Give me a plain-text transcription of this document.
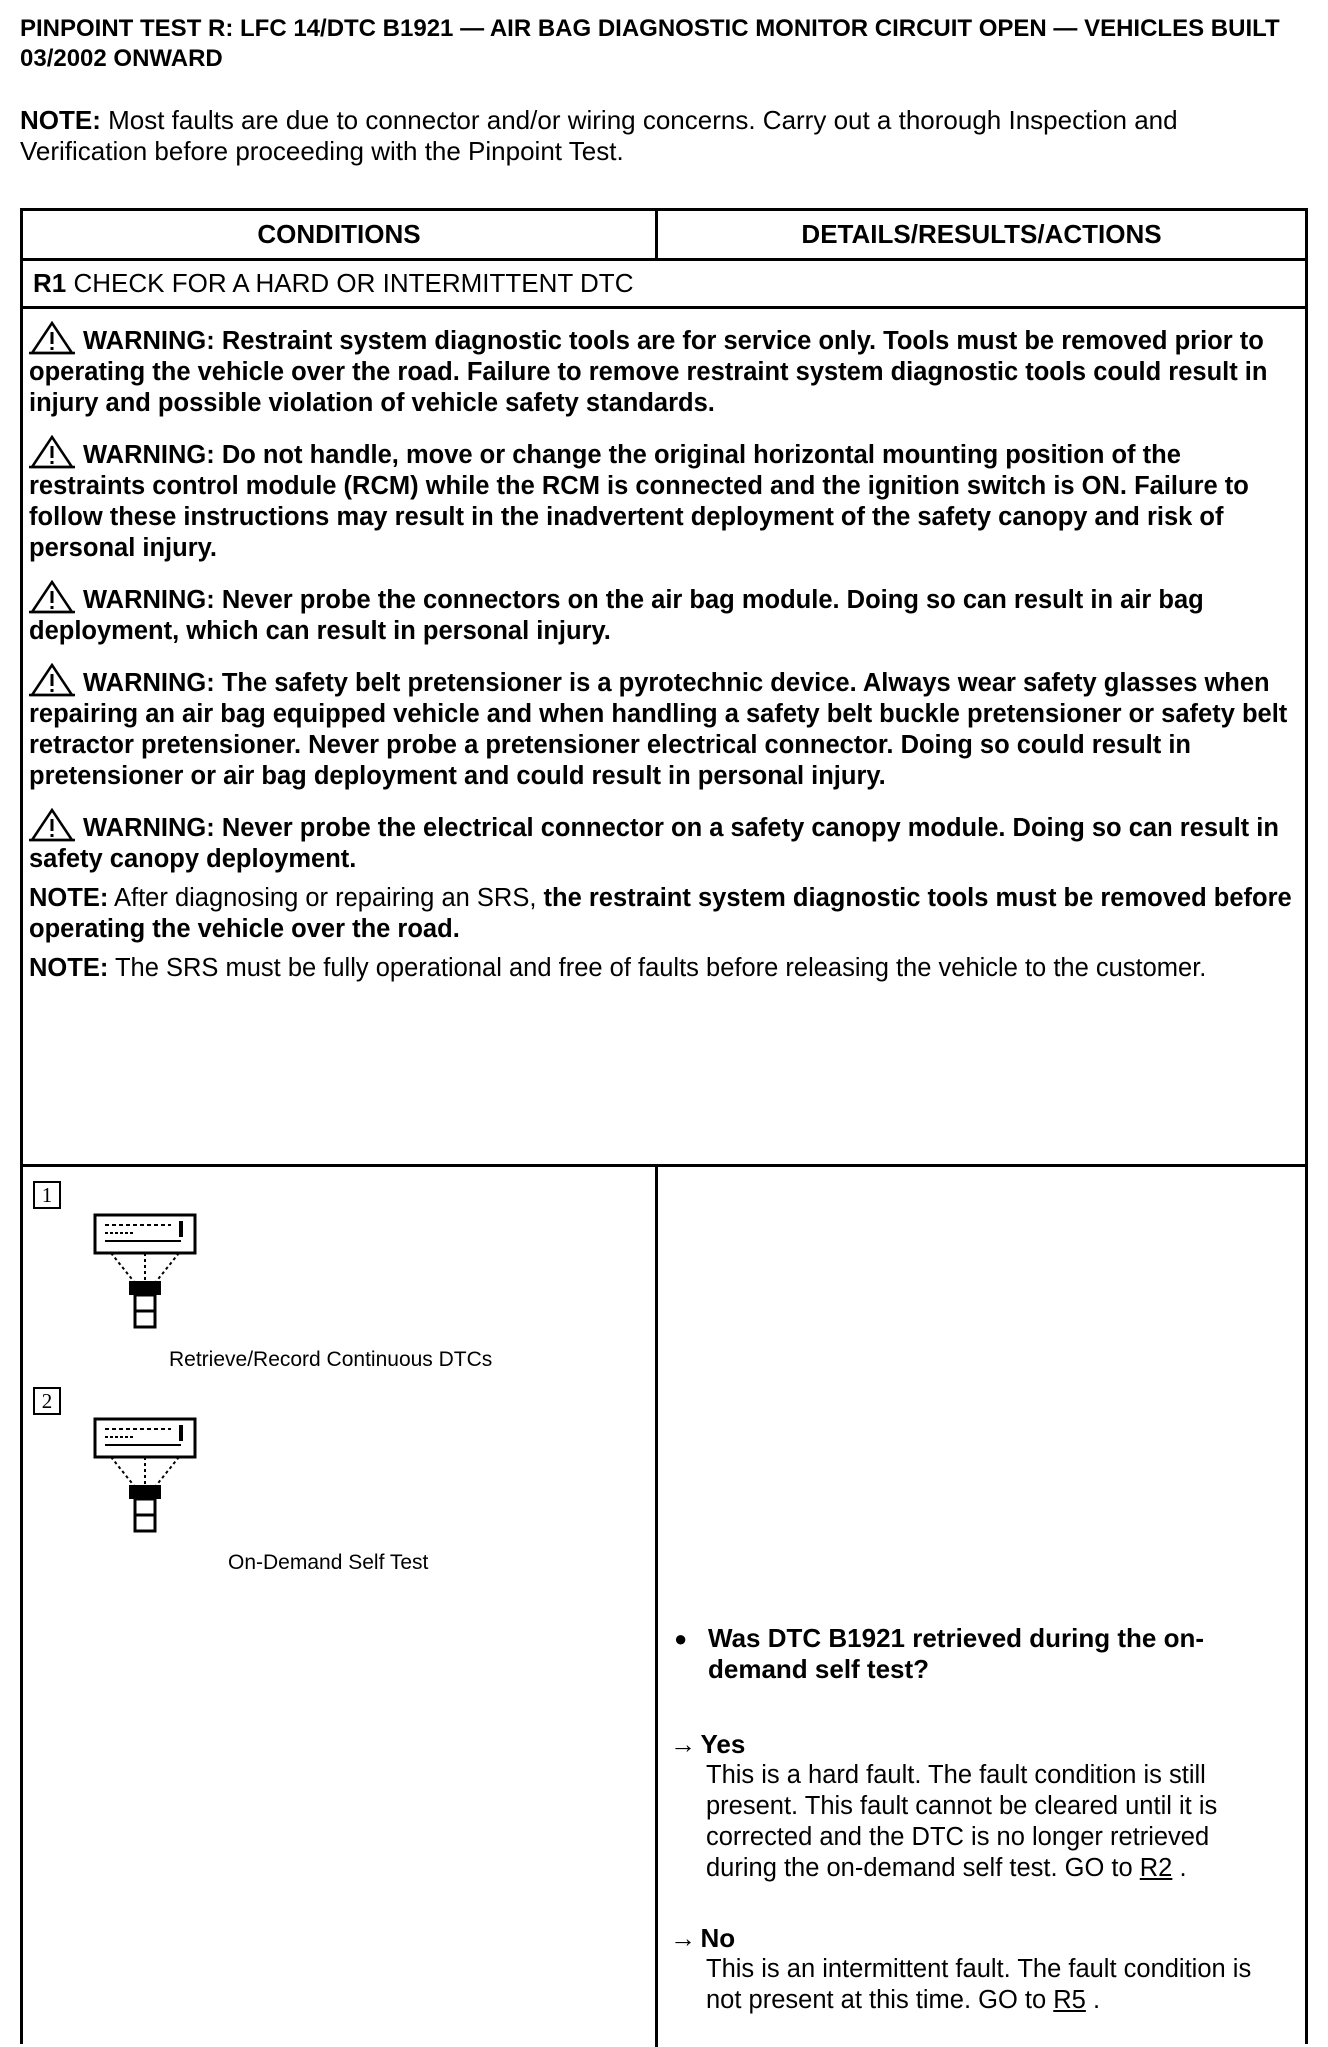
PINPOINT TEST R: LFC 14/DTC B1921 — AIR BAG DIAGNOSTIC MONITOR CIRCUIT OPEN — VEHICLES BUILT 03/2002 ONWARD

NOTE: Most faults are due to connector and/or wiring concerns. Carry out a thorough Inspection and Verification before proceeding with the Pinpoint Test.

CONDITIONS	DETAILS/RESULTS/ACTIONS
R1 CHECK FOR A HARD OR INTERMITTENT DTC

WARNING: Restraint system diagnostic tools are for service only. Tools must be removed prior to operating the vehicle over the road. Failure to remove restraint system diagnostic tools could result in injury and possible violation of vehicle safety standards.

WARNING: Do not handle, move or change the original horizontal mounting position of the restraints control module (RCM) while the RCM is connected and the ignition switch is ON. Failure to follow these instructions may result in the inadvertent deployment of the safety canopy and risk of personal injury.

WARNING: Never probe the connectors on the air bag module. Doing so can result in air bag deployment, which can result in personal injury.

WARNING: The safety belt pretensioner is a pyrotechnic device. Always wear safety glasses when repairing an air bag equipped vehicle and when handling a safety belt buckle pretensioner or safety belt retractor pretensioner. Never probe a pretensioner electrical connector. Doing so could result in pretensioner or air bag deployment and could result in personal injury.

WARNING: Never probe the electrical connector on a safety canopy module. Doing so can result in safety canopy deployment.

NOTE: After diagnosing or repairing an SRS, the restraint system diagnostic tools must be removed before operating the vehicle over the road.

NOTE: The SRS must be fully operational and free of faults before releasing the vehicle to the customer.

1
Retrieve/Record Continuous DTCs
2
On-Demand Self Test
● Was DTC B1921 retrieved during the on-demand self test?
→ Yes

This is a hard fault. The fault condition is still present. This fault cannot be cleared until it is corrected and the DTC is no longer retrieved during the on-demand self test. GO to R2 .

→ No

This is an intermittent fault. The fault condition is not present at this time. GO to R5 .
